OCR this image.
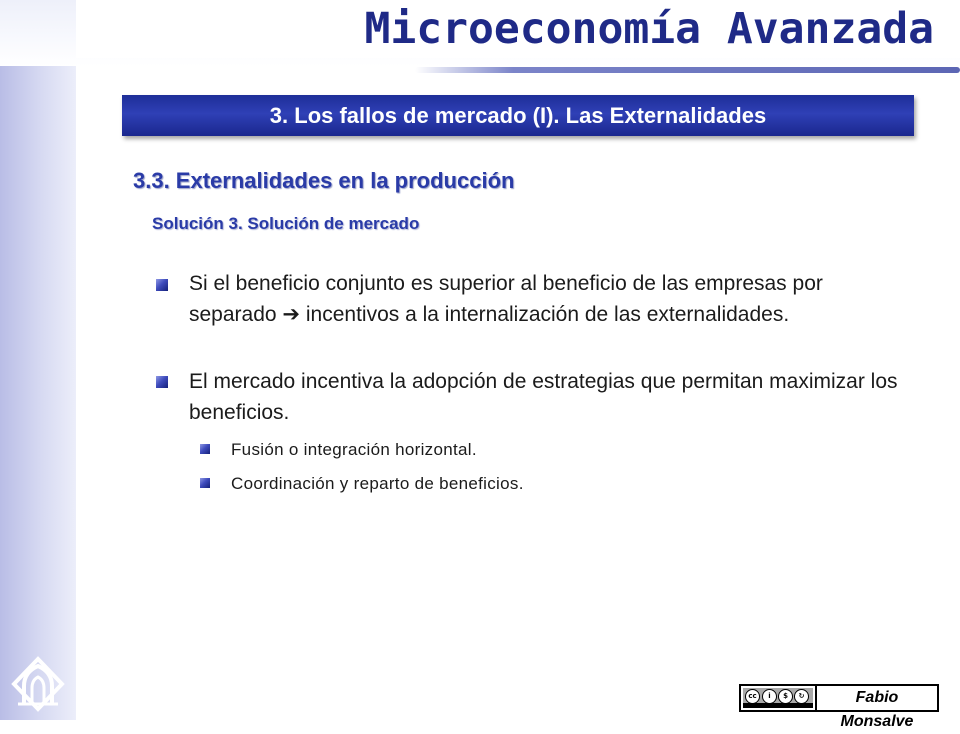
Microeconomía Avanzada
3. Los fallos de mercado (I). Las Externalidades
3.3. Externalidades en la producción
Solución 3. Solución de mercado
Si el beneficio conjunto es superior al beneficio de las empresas por separado ➔ incentivos a la internalización de las externalidades.
El mercado incentiva la adopción de estrategias que permitan maximizar los beneficios.
Fusión o integración horizontal.
Coordinación y reparto de beneficios.
cc	i	$	↻	Fabio Monsalve
